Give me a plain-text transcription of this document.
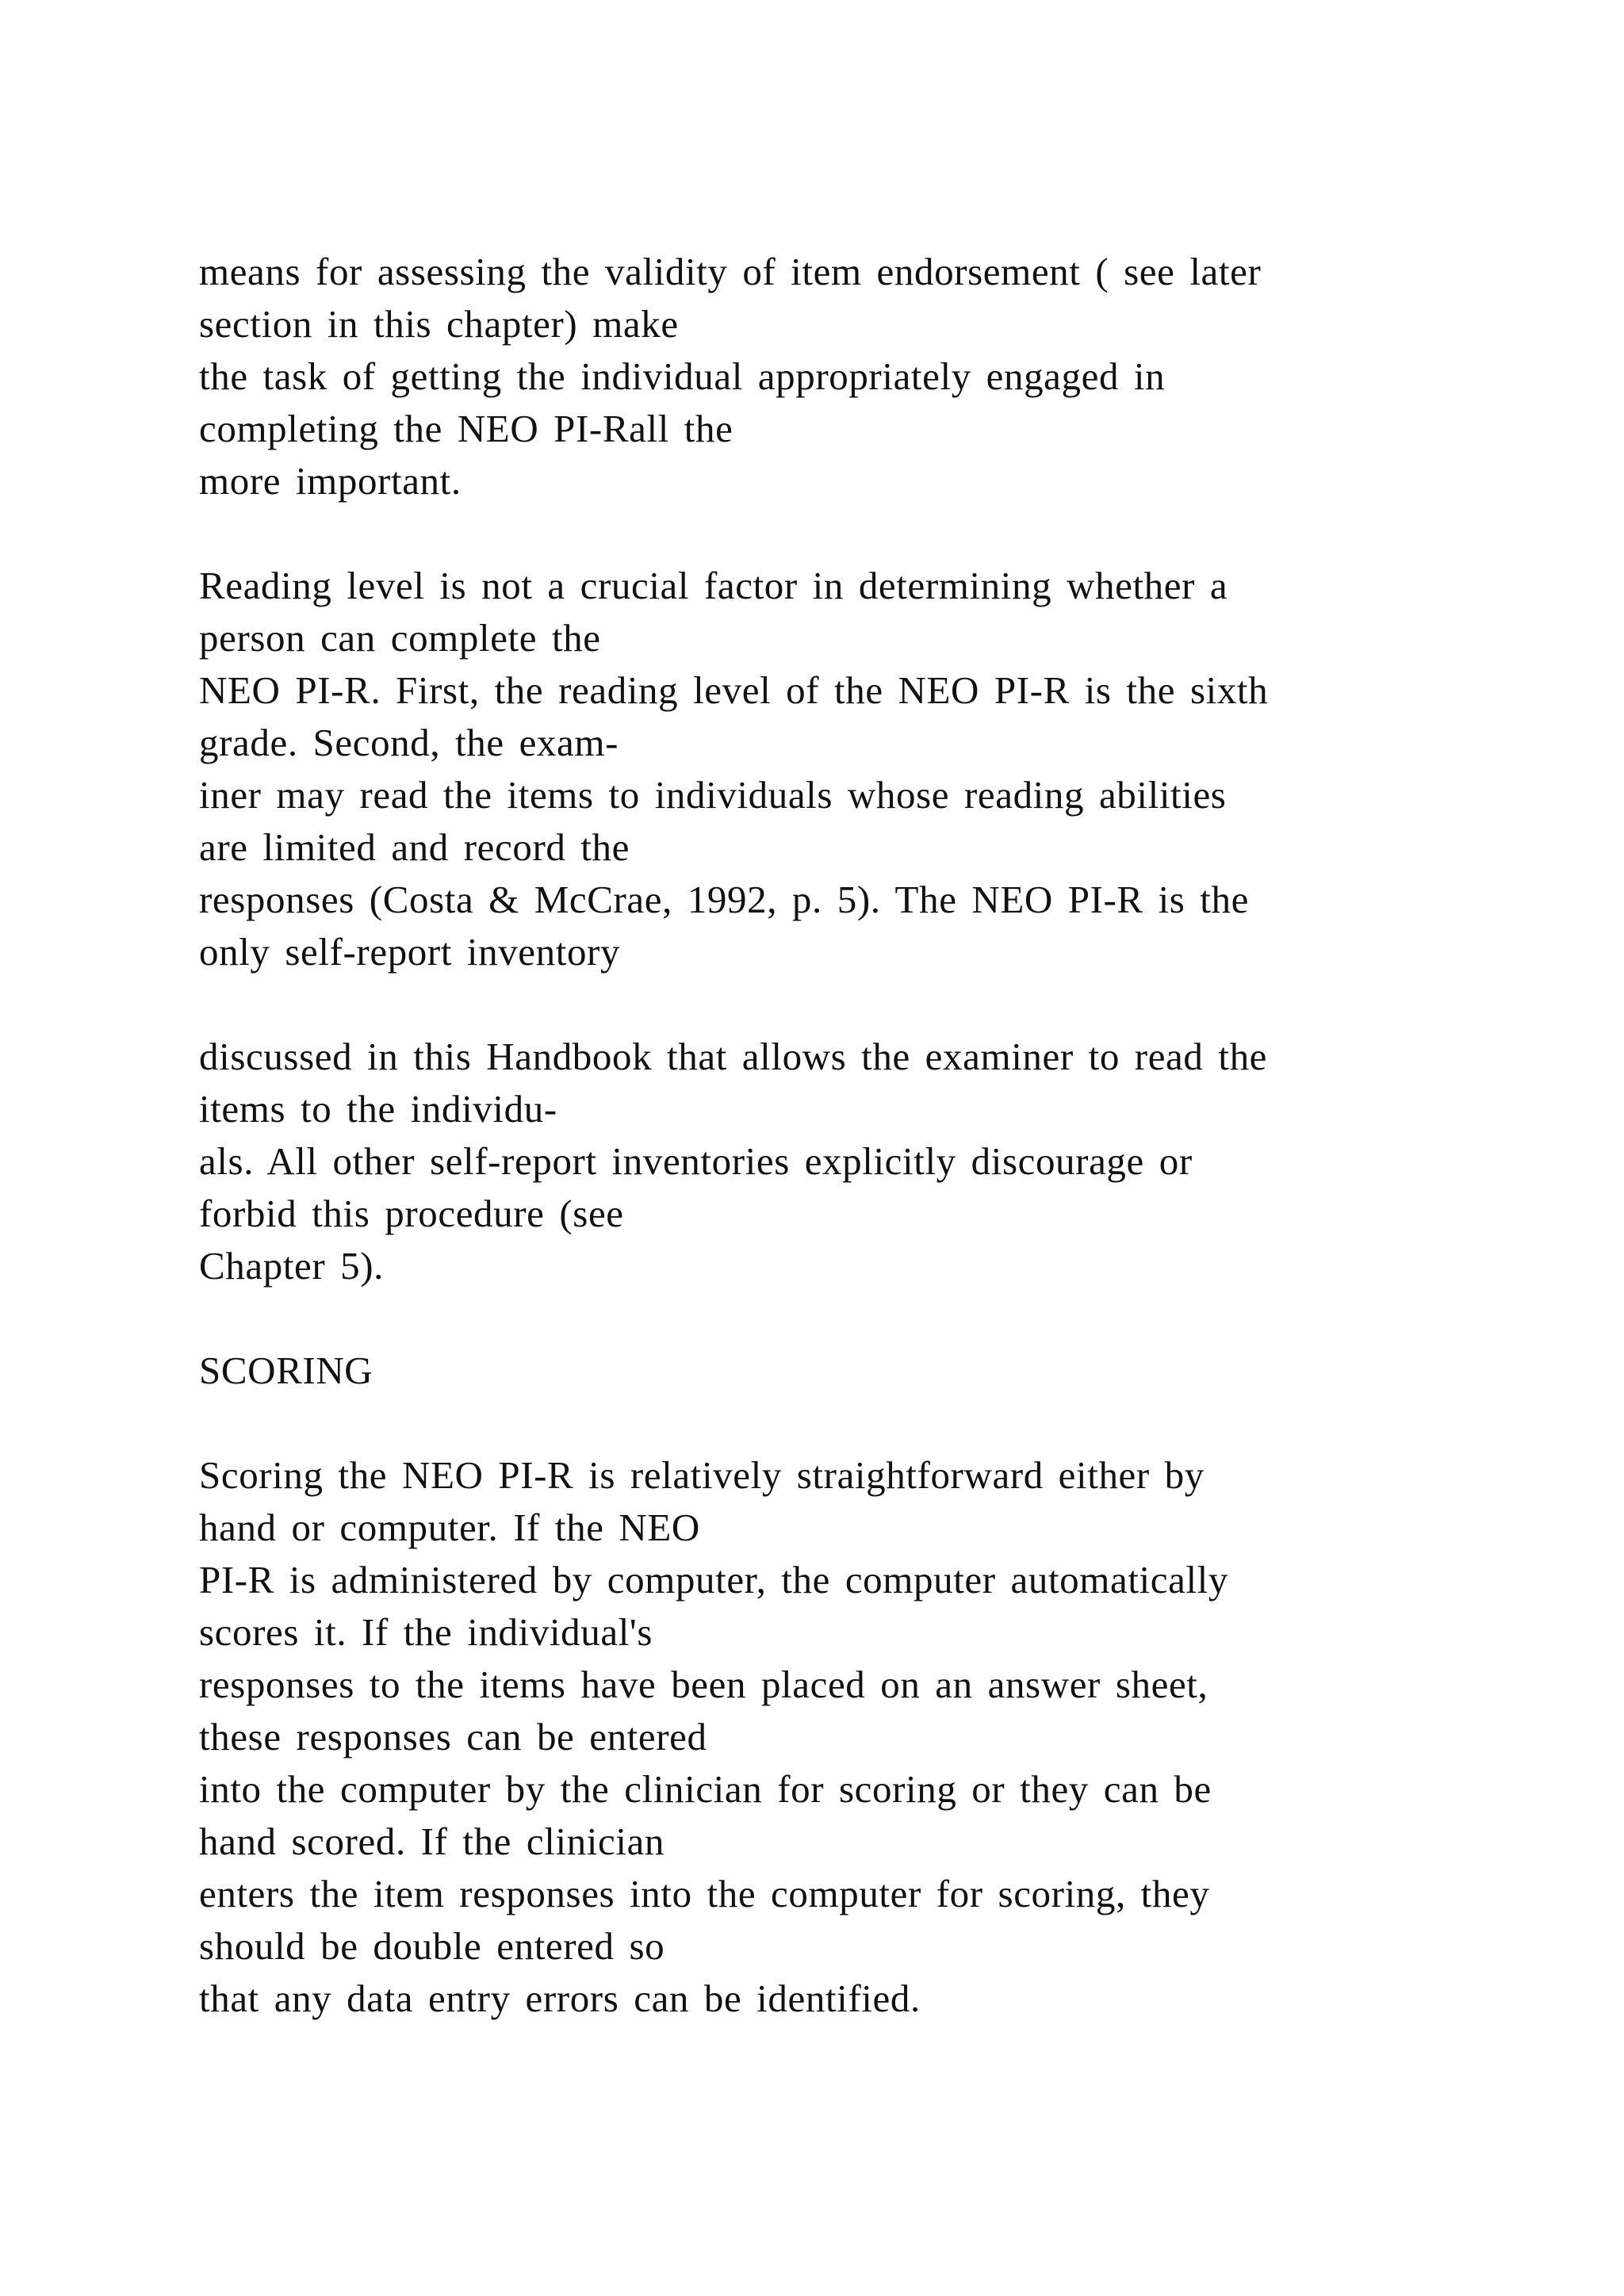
means for assessing the validity of item endorsement ( see later
section in this chapter) make
the task of getting the individual appropriately engaged in
completing the NEO PI-Rall the
more important.
Reading level is not a crucial factor in determining whether a
person can complete the
NEO PI-R. First, the reading level of the NEO PI-R is the sixth
grade. Second, the exam-
iner may read the items to individuals whose reading abilities
are limited and record the
responses (Costa & McCrae, 1992, p. 5). The NEO PI-R is the
only self-report inventory
discussed in this Handbook that allows the examiner to read the
items to the individu-
als. All other self-report inventories explicitly discourage or
forbid this procedure (see
Chapter 5).
SCORING
Scoring the NEO PI-R is relatively straightforward either by
hand or computer. If the NEO
PI-R is administered by computer, the computer automatically
scores it. If the individual's
responses to the items have been placed on an answer sheet,
these responses can be entered
into the computer by the clinician for scoring or they can be
hand scored. If the clinician
enters the item responses into the computer for scoring, they
should be double entered so
that any data entry errors can be identified.
